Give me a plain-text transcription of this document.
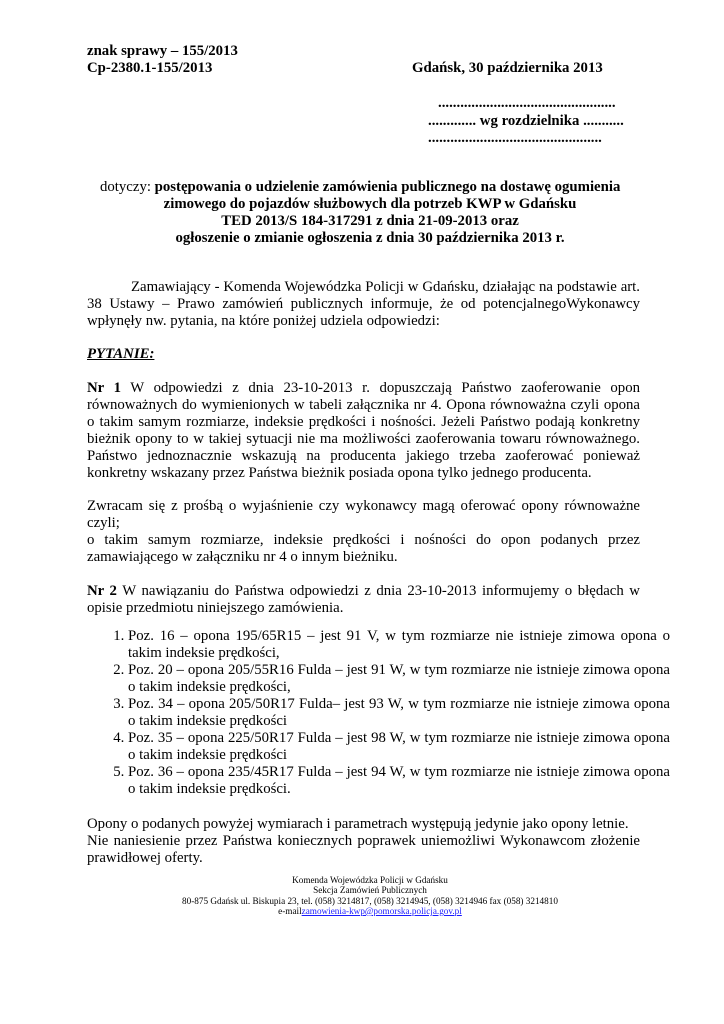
znak sprawy – 155/2013
Cp-2380.1-155/2013	Gdańsk, 30 października 2013
................................................
............. wg rozdzielnika ...........
...............................................
dotyczy: postępowania o udzielenie zamówienia publicznego na dostawę ogumienia
zimowego do pojazdów służbowych dla potrzeb KWP w Gdańsku
TED 2013/S 184-317291 z dnia 21-09-2013 oraz
ogłoszenie o zmianie ogłoszenia z dnia 30 października 2013 r.
Zamawiający - Komenda Wojewódzka Policji w Gdańsku, działając na podstawie art. 38 Ustawy – Prawo zamówień publicznych informuje, że od potencjalnegoWykonawcy wpłynęły nw. pytania, na które poniżej udziela odpowiedzi:
PYTANIE:
Nr 1 W odpowiedzi z dnia 23-10-2013 r. dopuszczają Państwo zaoferowanie opon równoważnych do wymienionych w tabeli załącznika nr 4. Opona równoważna czyli opona o takim samym rozmiarze, indeksie prędkości i nośności. Jeżeli Państwo podają konkretny bieżnik opony to w takiej sytuacji nie ma możliwości zaoferowania towaru równoważnego. Państwo jednoznacznie wskazują na producenta jakiego trzeba zaoferować ponieważ konkretny wskazany przez Państwa bieżnik posiada opona tylko jednego producenta.
Zwracam się z prośbą o wyjaśnienie czy wykonawcy magą oferować opony równoważne czyli;
o takim samym rozmiarze, indeksie prędkości i nośności do opon podanych przez zamawiającego w załączniku nr 4 o innym bieżniku.
Nr 2 W nawiązaniu do Państwa odpowiedzi z dnia 23-10-2013 informujemy o błędach w opisie przedmiotu niniejszego zamówienia.
1. Poz. 16 – opona 195/65R15 – jest 91 V, w tym rozmiarze nie istnieje zimowa opona o takim indeksie prędkości,
2. Poz. 20 – opona 205/55R16 Fulda – jest 91 W, w tym rozmiarze nie istnieje zimowa opona o takim indeksie prędkości,
3. Poz. 34 – opona 205/50R17 Fulda– jest 93 W, w tym rozmiarze nie istnieje zimowa opona o takim indeksie prędkości
4. Poz. 35 – opona 225/50R17 Fulda – jest 98 W, w tym rozmiarze nie istnieje zimowa opona o takim indeksie prędkości
5. Poz. 36 – opona 235/45R17 Fulda – jest 94 W, w tym rozmiarze nie istnieje zimowa opona o takim indeksie prędkości.
Opony o podanych powyżej wymiarach i parametrach występują jedynie jako opony letnie.
Nie naniesienie przez Państwa koniecznych poprawek uniemożliwi Wykonawcom złożenie prawidłowej oferty.
Komenda Wojewódzka Policji w Gdańsku
Sekcja Zamówień Publicznych
80-875 Gdańsk ul. Biskupia 23, tel. (058) 3214817, (058) 3214945, (058) 3214946 fax (058) 3214810
e-mailzamowienia-kwp@pomorska.policja.gov.pl
